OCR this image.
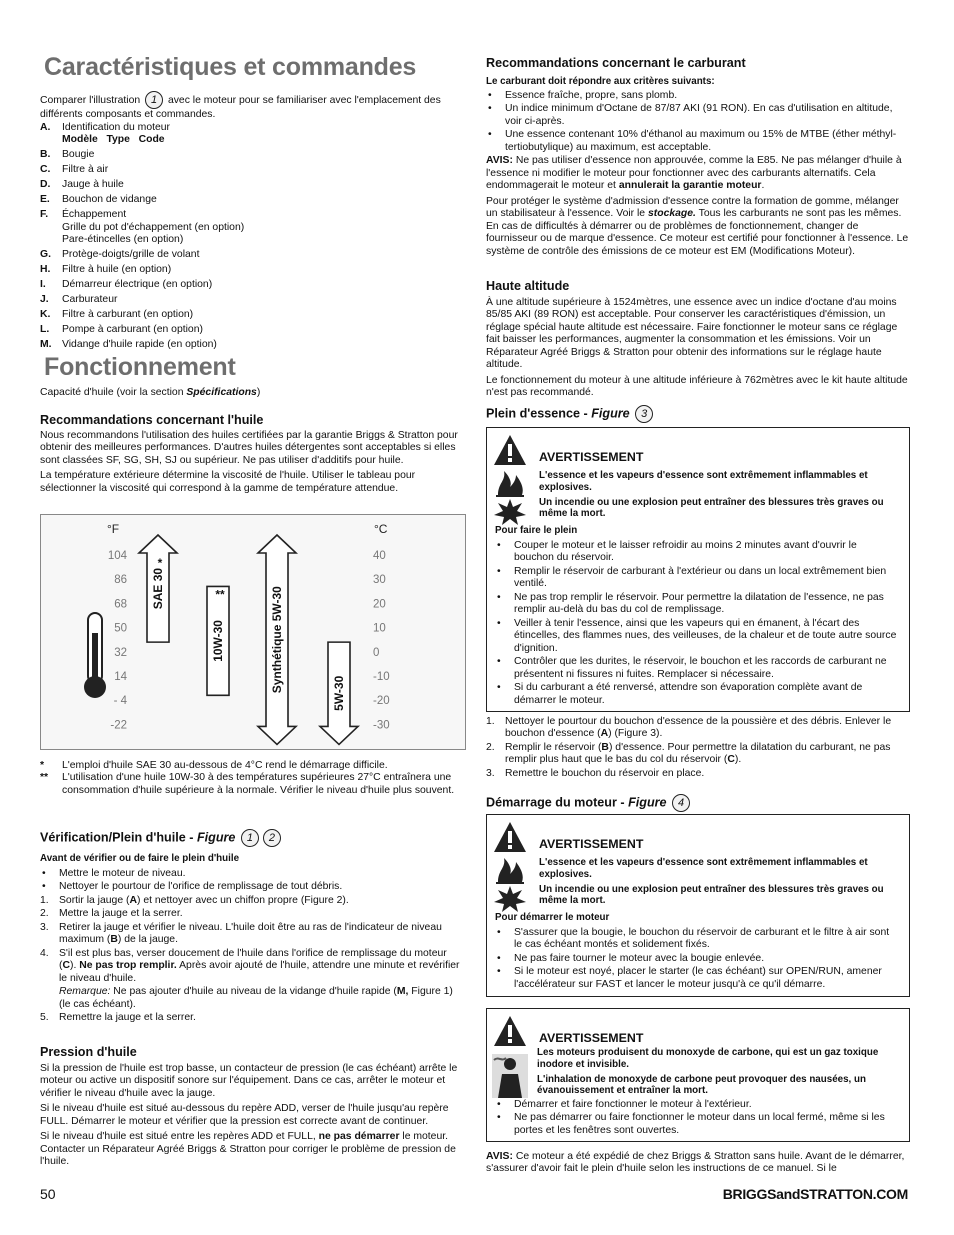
Caractéristiques et commandes

Comparer l'illustration 1 avec le moteur pour se familiariser avec l'emplacement des différents composants et commandes.

A.	Identification du moteur
Modèle   Type   Code
B.	Bougie
C.	Filtre à air
D.	Jauge à huile
E.	Bouchon de vidange
F.	Échappement
Grille du pot d'échappement (en option)
Pare-étincelles (en option)
G.	Protège-doigts/grille de volant
H.	Filtre à huile (en option)
I.	Démarreur électrique (en option)
J.	Carburateur
K.	Filtre à carburant (en option)
L.	Pompe à carburant (en option)
M.	Vidange d'huile rapide (en option)
Fonctionnement
Capacité d'huile (voir la section Spécifications)
Recommandations concernant l'huile

Nous recommandons l'utilisation des huiles certifiées par la garantie Briggs & Stratton pour obtenir des meilleures performances. D'autres huiles détergentes sont acceptables si elles sont classées SF, SG, SH, SJ ou supérieur. Ne pas utiliser d'additifs pour huile.

La température extérieure détermine la viscosité de l'huile. Utiliser le tableau pour sélectionner la viscosité qui correspond à la gamme de température attendue.

°F	°C
104
86
68
50
32
14
- 4
-22
40
30
20
10
0
-10
-20
-30
SAE 30
*
10W-30
**	Synthétique 5W-30
5W-30
*	L'emploi d'huile SAE 30 au-dessous de 4°C rend le démarrage difficile.
**	L'utilisation d'une huile 10W-30 à des températures supérieures 27°C entraînera une consommation d'huile supérieure à la normale. Vérifier le niveau d'huile plus souvent.
Vérification/Plein d'huile - Figure 1 2

Avant de vérifier ou de faire le plein d'huile

• Mettre le moteur de niveau.
• Nettoyer le pourtour de l'orifice de remplissage de tout débris.
1. Sortir la jauge (A) et nettoyer avec un chiffon propre (Figure 2).
2. Mettre la jauge et la serrer.
3. Retirer la jauge et vérifier le niveau. L'huile doit être au ras de l'indicateur de niveau maximum (B) de la jauge.
4. S'il est plus bas, verser doucement de l'huile dans l'orifice de remplissage du moteur (C). Ne pas trop remplir. Après avoir ajouté de l'huile, attendre une minute et revérifier le niveau d'huile.
Remarque: Ne pas ajouter d'huile au niveau de la vidange d'huile rapide (M, Figure 1) (le cas échéant).
5. Remettre la jauge et la serrer.
Pression d'huile

Si la pression de l'huile est trop basse, un contacteur de pression (le cas échéant) arrête le moteur ou active un dispositif sonore sur l'équipement. Dans ce cas, arrêter le moteur et vérifier le niveau d'huile avec la jauge.

Si le niveau d'huile est situé au-dessous du repère ADD, verser de l'huile jusqu'au repère FULL. Démarrer le moteur et vérifier que la pression est correcte avant de continuer.

Si le niveau d'huile est situé entre les repères ADD et FULL, ne pas démarrer le moteur. Contacter un Réparateur Agréé Briggs & Stratton pour corriger le problème de pression de l'huile.

Recommandations concernant le carburant

Le carburant doit répondre aux critères suivants:

• Essence fraîche, propre, sans plomb.
• Un indice minimum d'Octane de 87/87 AKI (91 RON). En cas d'utilisation en altitude, voir ci-après.
• Une essence contenant 10% d'éthanol au maximum ou 15% de MTBE (éther méthyl-tertiobutylique) au maximum, est acceptable.

AVIS: Ne pas utiliser d'essence non approuvée, comme la E85. Ne pas mélanger d'huile à l'essence ni modifier le moteur pour fonctionner avec des carburants alternatifs. Cela endommagerait le moteur et annulerait la garantie moteur.

Pour protéger le système d'admission d'essence contre la formation de gomme, mélanger un stabilisateur à l'essence. Voir le stockage. Tous les carburants ne sont pas les mêmes. En cas de difficultés à démarrer ou de problèmes de fonctionnement, changer de fournisseur ou de marque d'essence. Ce moteur est certifié pour fonctionner à l'essence. Le système de contrôle des émissions de ce moteur est EM (Modifications Moteur).

Haute altitude

À une altitude supérieure à 1524mètres, une essence avec un indice d'octane d'au moins 85/85 AKI (89 RON) est acceptable. Pour conserver les caractéristiques d'émission, un réglage spécial haute altitude est nécessaire. Faire fonctionner le moteur sans ce réglage fait baisser les performances, augmenter la consommation et les émissions. Voir un Réparateur Agréé Briggs & Stratton pour obtenir des informations sur le réglage haute altitude.

Le fonctionnement du moteur à une altitude inférieure à 762mètres avec le kit haute altitude n'est pas recommandé.

Plein d'essence - Figure 3
AVERTISSEMENT

L'essence et les vapeurs d'essence sont extrêmement inflammables et explosives.

Un incendie ou une explosion peut entraîner des blessures très graves ou même la mort.

Pour faire le plein

• Couper le moteur et le laisser refroidir au moins 2 minutes avant d'ouvrir le bouchon du réservoir.
• Remplir le réservoir de carburant à l'extérieur ou dans un local extrêmement bien ventilé.
• Ne pas trop remplir le réservoir. Pour permettre la dilatation de l'essence, ne pas remplir au-delà du bas du col de remplissage.
• Veiller à tenir l'essence, ainsi que les vapeurs qui en émanent, à l'écart des étincelles, des flammes nues, des veilleuses, de la chaleur et de toute autre source d'ignition.
• Contrôler que les durites, le réservoir, le bouchon et les raccords de carburant ne présentent ni fissures ni fuites. Remplacer si nécessaire.
• Si du carburant a été renversé, attendre son évaporation complète avant de démarrer le moteur.
1. Nettoyer le pourtour du bouchon d'essence de la poussière et des débris. Enlever le bouchon d'essence (A) (Figure 3).
2. Remplir le réservoir (B) d'essence. Pour permettre la dilatation du carburant, ne pas remplir plus haut que le bas du col du réservoir (C).
3. Remettre le bouchon du réservoir en place.
Démarrage du moteur - Figure 4
AVERTISSEMENT

L'essence et les vapeurs d'essence sont extrêmement inflammables et explosives.

Un incendie ou une explosion peut entraîner des blessures très graves ou même la mort.

Pour démarrer le moteur

• S'assurer que la bougie, le bouchon du réservoir de carburant et le filtre à air sont le cas échéant montés et solidement fixés.
• Ne pas faire tourner le moteur avec la bougie enlevée.
• Si le moteur est noyé, placer le starter (le cas échéant) sur OPEN/RUN, amener l'accélérateur sur FAST et lancer le moteur jusqu'à ce qu'il démarre.
AVERTISSEMENT

Les moteurs produisent du monoxyde de carbone, qui est un gaz toxique inodore et invisible.

L'inhalation de monoxyde de carbone peut provoquer des nausées, un évanouissement et entraîner la mort.

• Démarrer et faire fonctionner le moteur à l'extérieur.
• Ne pas démarrer ou faire fonctionner le moteur dans un local fermé, même si les portes et les fenêtres sont ouvertes.
AVIS: Ce moteur a été expédié de chez Briggs & Stratton sans huile. Avant de le démarrer, s'assurer d'avoir fait le plein d'huile selon les instructions de ce manuel. Si le
50	BRIGGSandSTRATTON.COM
